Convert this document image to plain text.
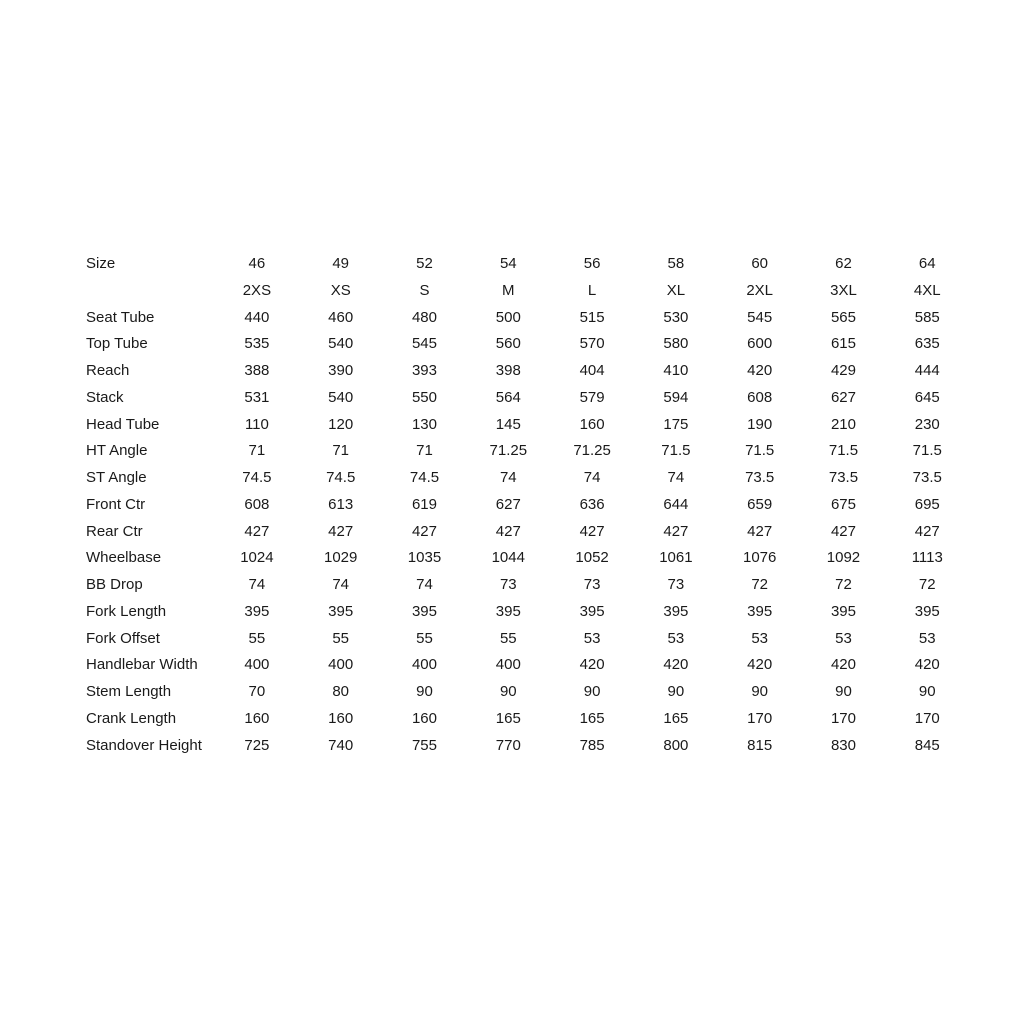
Size	46	49	52	54	56	58	60	62	64
	2XS	XS	S	M	L	XL	2XL	3XL	4XL
Seat Tube	440	460	480	500	515	530	545	565	585
Top Tube	535	540	545	560	570	580	600	615	635
Reach	388	390	393	398	404	410	420	429	444
Stack	531	540	550	564	579	594	608	627	645
Head Tube	110	120	130	145	160	175	190	210	230
HT Angle	71	71	71	71.25	71.25	71.5	71.5	71.5	71.5
ST Angle	74.5	74.5	74.5	74	74	74	73.5	73.5	73.5
Front Ctr	608	613	619	627	636	644	659	675	695
Rear Ctr	427	427	427	427	427	427	427	427	427
Wheelbase	1024	1029	1035	1044	1052	1061	1076	1092	1113
BB Drop	74	74	74	73	73	73	72	72	72
Fork Length	395	395	395	395	395	395	395	395	395
Fork Offset	55	55	55	55	53	53	53	53	53
Handlebar Width	400	400	400	400	420	420	420	420	420
Stem Length	70	80	90	90	90	90	90	90	90
Crank Length	160	160	160	165	165	165	170	170	170
Standover Height	725	740	755	770	785	800	815	830	845
